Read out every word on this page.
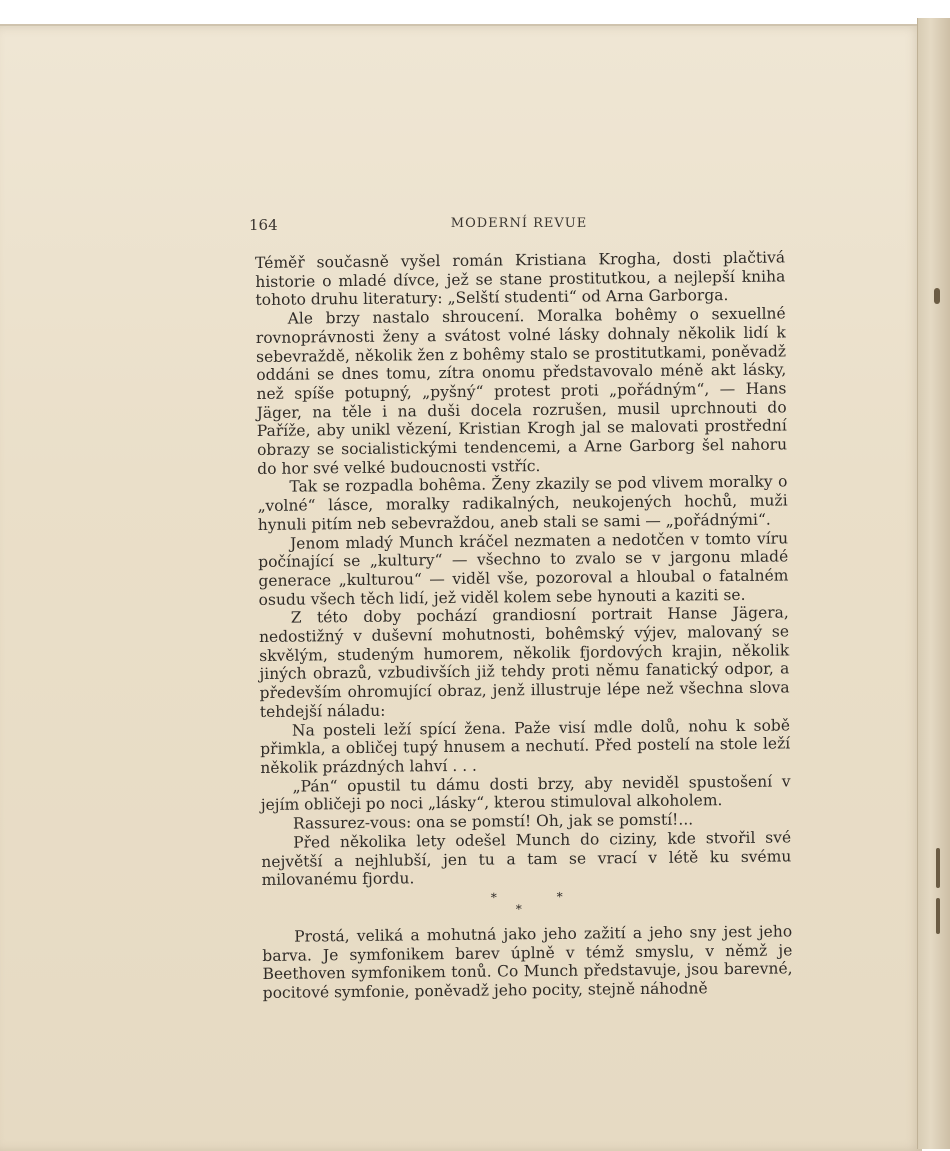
164	MODERNÍ REVUE

Téměř současně vyšel román Kristiana Krogha, dosti plačtivá historie o mladé dívce, jež se stane prostitutkou, a nejlepší kniha tohoto druhu literatury: „Selští studenti“ od Arna Garborga.

Ale brzy nastalo shroucení. Moralka bohêmy o sexuellné rovnoprávnosti ženy a svátost volné lásky dohnaly několik lidí k sebevraždě, několik žen z bohêmy stalo se prostitutkami, poněvadž oddáni se dnes tomu, zítra onomu představovalo méně akt lásky, než spíše potupný, „pyšný“ protest proti „pořádným“, — Hans Jäger, na těle i na duši docela rozrušen, musil uprchnouti do Paříže, aby unikl vězení, Kristian Krogh jal se malovati prostřední obrazy se socialistickými tendencemi, a Arne Garborg šel nahoru do hor své velké budoucnosti vstříc.

Tak se rozpadla bohêma. Ženy zkazily se pod vlivem moralky o „volné“ lásce, moralky radikalných, neukojených hochů, muži hynuli pitím neb sebevraždou, aneb stali se sami — „pořádnými“.

Jenom mladý Munch kráčel nezmaten a nedotčen v tomto víru počínající se „kultury“ — všechno to zvalo se v jargonu mladé generace „kulturou“ — viděl vše, pozoroval a hloubal o fatalném osudu všech těch lidí, jež viděl kolem sebe hynouti a kaziti se.

Z této doby pochází grandiosní portrait Hanse Jägera, nedostižný v duševní mohutnosti, bohêmský výjev, malovaný se skvělým, studeným humorem, několik fjordových krajin, několik jiných obrazů, vzbudivších již tehdy proti němu fanatický odpor, a především ohromující obraz, jenž illustruje lépe než všechna slova tehdejší náladu:

Na posteli leží spící žena. Paže visí mdle dolů, nohu k sobě přimkla, a obličej tupý hnusem a nechutí. Před postelí na stole leží několik prázdných lahví . . .

„Pán“ opustil tu dámu dosti brzy, aby neviděl spustošení v jejím obličeji po noci „lásky“, kterou stimuloval alkoholem.

Rassurez-vous: ona se pomstí! Oh, jak se pomstí!...

Před několika lety odešel Munch do ciziny, kde stvořil své největší a nejhlubší, jen tu a tam se vrací v létě ku svému milovanému fjordu.

*	*
*

Prostá, veliká a mohutná jako jeho zažití a jeho sny jest jeho barva. Je symfonikem barev úplně v témž smyslu, v němž je Beethoven symfonikem tonů. Co Munch představuje, jsou barevné, pocitové symfonie, poněvadž jeho pocity, stejně náhodně
